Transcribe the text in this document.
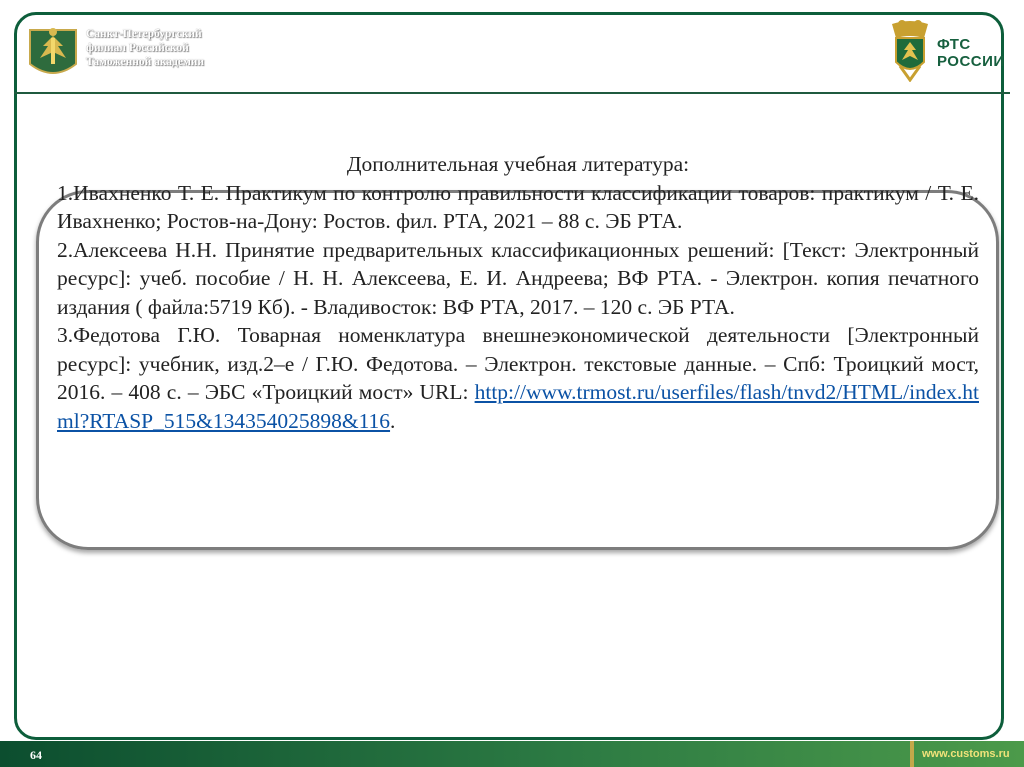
Санкт-Петербургский
филиал Российской
Таможенной академии
ФТС
РОССИИ

Дополнительная учебная литература:

1.Ивахненко Т. Е. Практикум по контролю правильности классификации товаров: практикум / Т. Е. Ивахненко; Ростов-на-Дону: Ростов. фил. РТА, 2021 – 88 с. ЭБ РТА.

2.Алексеева Н.Н. Принятие предварительных классификационных решений: [Текст: Электронный ресурс]: учеб. пособие / Н. Н. Алексеева, Е. И. Андреева; ВФ РТА. - Электрон. копия печатного издания ( файла:5719 Кб). - Владивосток: ВФ РТА, 2017. – 120 с. ЭБ РТА.

3.Федотова Г.Ю. Товарная номенклатура внешнеэкономической деятельности [Электронный ресурс]: учебник, изд.2–е / Г.Ю. Федотова. – Электрон. текстовые данные. – Спб: Троицкий мост, 2016. – 408 с. – ЭБС «Троицкий мост» URL: http://www.trmost.ru/userfiles/flash/tnvd2/HTML/index.html?RTASP_515&134354025898&116.

64	www.customs.ru
